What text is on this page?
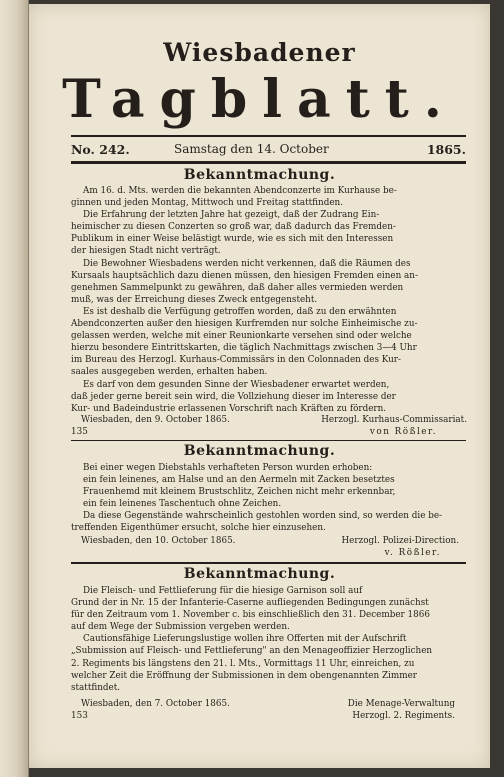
Wiesbadener
Tagblatt.
No. 242.	Samstag den 14. October	1865.
Bekanntmachung.

Am 16. d. Mts. werden die bekannten Abendconzerte im Kurhause be-

ginnen und jeden Montag, Mittwoch und Freitag stattfinden.

Die Erfahrung der letzten Jahre hat gezeigt, daß der Zudrang Ein-

heimischer zu diesen Conzerten so groß war, daß dadurch das Fremden-

Publikum in einer Weise belästigt wurde, wie es sich mit den Interessen

der hiesigen Stadt nicht verträgt.

Die Bewohner Wiesbadens werden nicht verkennen, daß die Räumen des

Kursaals hauptsächlich dazu dienen müssen, den hiesigen Fremden einen an-

genehmen Sammelpunkt zu gewähren, daß daher alles vermieden werden

muß, was der Erreichung dieses Zweck entgegensteht.

Es ist deshalb die Verfügung getroffen worden, daß zu den erwähnten

Abendconzerten außer den hiesigen Kurfremden nur solche Einheimische zu-

gelassen werden, welche mit einer Reunionkarte versehen sind oder welche

hierzu besondere Eintrittskarten, die täglich Nachmittags zwischen 3—4 Uhr

im Bureau des Herzogl. Kurhaus-Commissärs in den Colonnaden des Kur-

saales ausgegeben werden, erhalten haben.

Es darf von dem gesunden Sinne der Wiesbadener erwartet werden,

daß jeder gerne bereit sein wird, die Vollziehung dieser im Interesse der

Kur- und Badeindustrie erlassenen Vorschrift nach Kräften zu fördern.

Wiesbaden, den 9. October 1865.	Herzogl. Kurhaus-Commissariat.
135	von Rößler.
Bekanntmachung.

Bei einer wegen Diebstahls verhafteten Person wurden erhoben:

ein fein leinenes, am Halse und an den Aermeln mit Zacken besetztes

Frauenhemd mit kleinem Brustschlitz, Zeichen nicht mehr erkennbar,

ein fein leinenes Taschentuch ohne Zeichen.

Da diese Gegenstände wahrscheinlich gestohlen worden sind, so werden die be-

treffenden Eigenthümer ersucht, solche hier einzusehen.

Wiesbaden, den 10. October 1865.	Herzogl. Polizei-Direction.
v. Rößler.
Bekanntmachung.

Die Fleisch- und Fettlieferung für die hiesige Garnison soll auf

Grund der in Nr. 15 der Infanterie-Caserne aufliegenden Bedingungen zunächst

für den Zeitraum vom 1. November c. bis einschließlich den 31. December 1866

auf dem Wege der Submission vergeben werden.

Cautionsfähige Lieferungslustige wollen ihre Offerten mit der Aufschrift

„Submission auf Fleisch- und Fettlieferung" an den Menageoffizier Herzoglichen

2. Regiments bis längstens den 21. l. Mts., Vormittags 11 Uhr, einreichen, zu

welcher Zeit die Eröffnung der Submissionen in dem obengenannten Zimmer

stattfindet.

Wiesbaden, den 7. October 1865.	Die Menage-Verwaltung
153	Herzogl. 2. Regiments.
